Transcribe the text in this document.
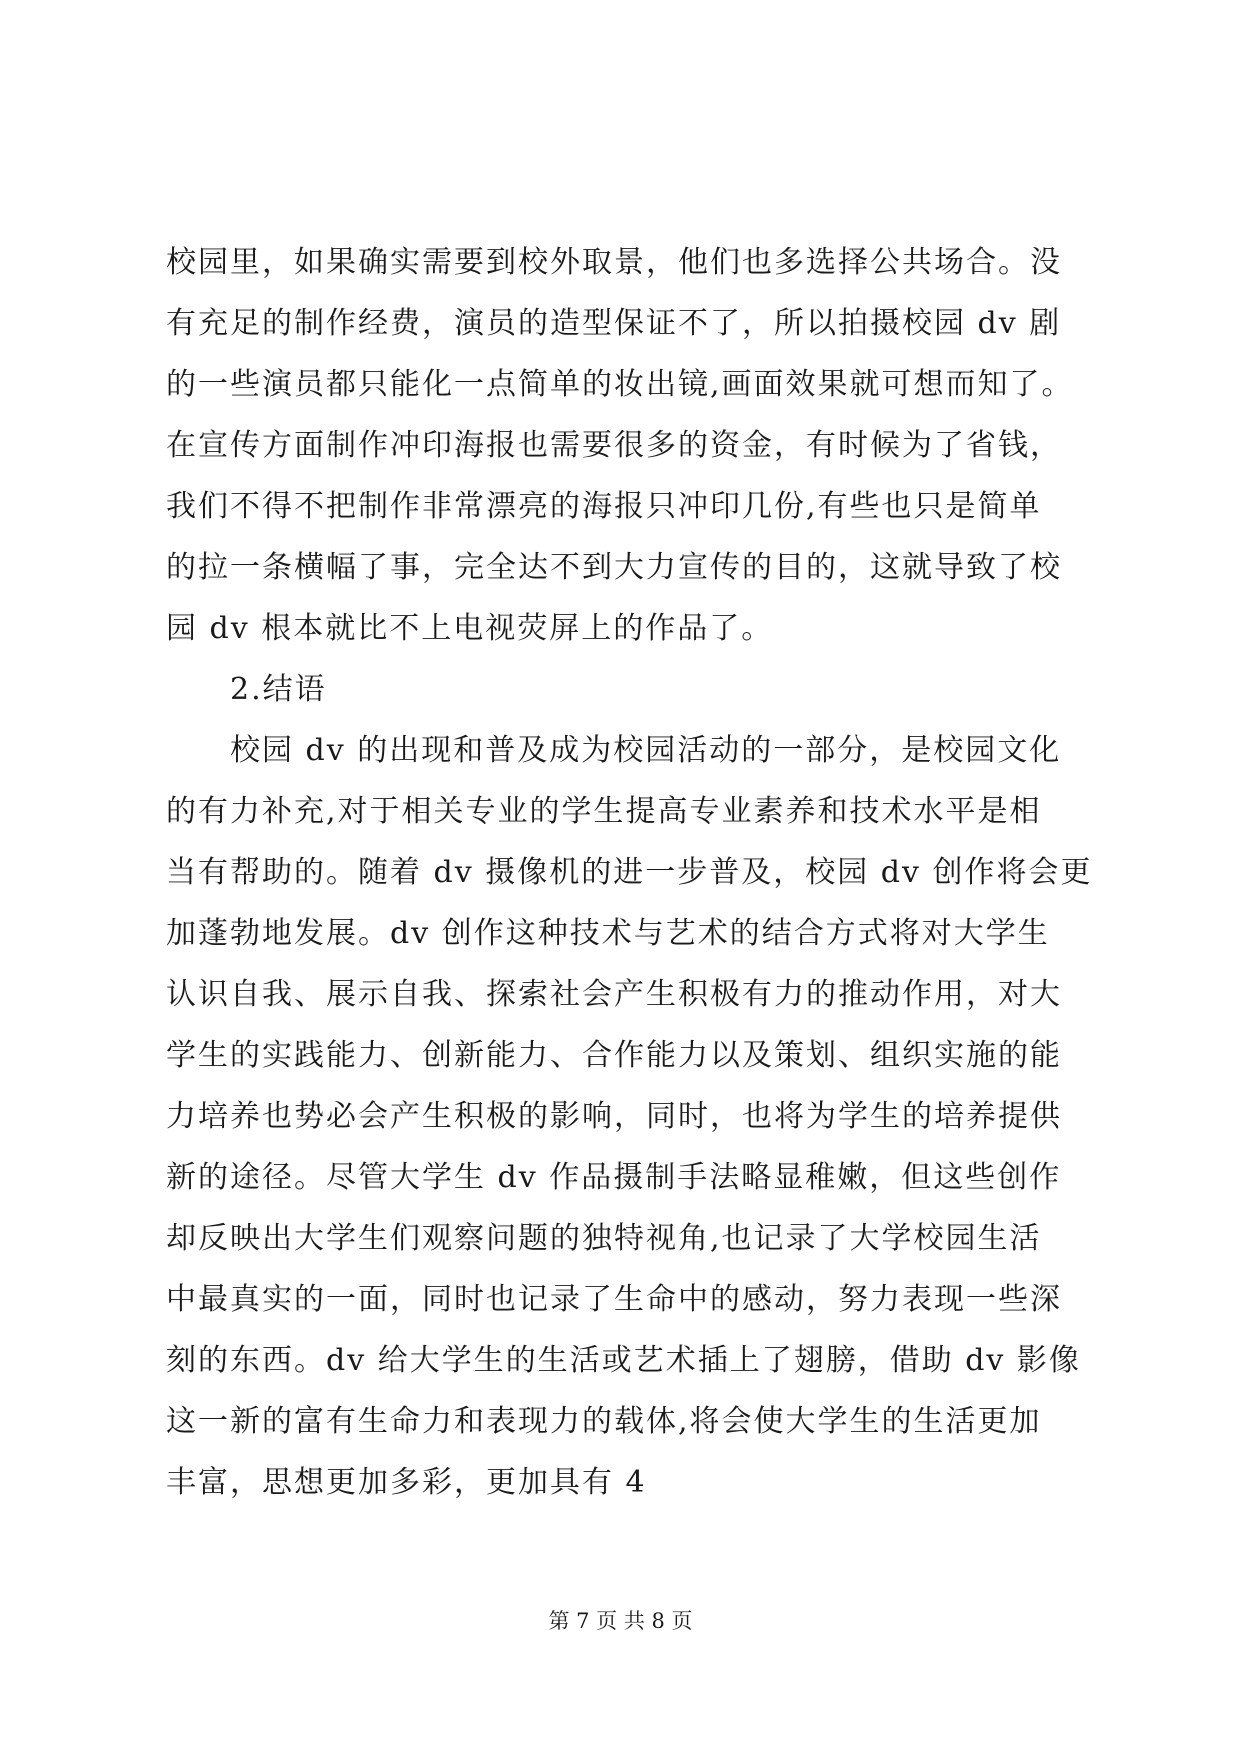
校园里，如果确实需要到校外取景，他们也多选择公共场合。没
有充足的制作经费，演员的造型保证不了，所以拍摄校园 dv 剧
的一些演员都只能化一点简单的妆出镜,画面效果就可想而知了。
在宣传方面制作冲印海报也需要很多的资金，有时候为了省钱，
我们不得不把制作非常漂亮的海报只冲印几份,有些也只是简单
的拉一条横幅了事，完全达不到大力宣传的目的，这就导致了校
园 dv 根本就比不上电视荧屏上的作品了。
2.结语
校园 dv 的出现和普及成为校园活动的一部分，是校园文化
的有力补充,对于相关专业的学生提高专业素养和技术水平是相
当有帮助的。随着 dv 摄像机的进一步普及，校园 dv 创作将会更
加蓬勃地发展。dv 创作这种技术与艺术的结合方式将对大学生
认识自我、展示自我、探索社会产生积极有力的推动作用，对大
学生的实践能力、创新能力、合作能力以及策划、组织实施的能
力培养也势必会产生积极的影响，同时，也将为学生的培养提供
新的途径。尽管大学生 dv 作品摄制手法略显稚嫩，但这些创作
却反映出大学生们观察问题的独特视角,也记录了大学校园生活
中最真实的一面，同时也记录了生命中的感动，努力表现一些深
刻的东西。dv 给大学生的生活或艺术插上了翅膀，借助 dv 影像
这一新的富有生命力和表现力的载体,将会使大学生的生活更加
丰富，思想更加多彩，更加具有 4
第 7 页 共 8 页
